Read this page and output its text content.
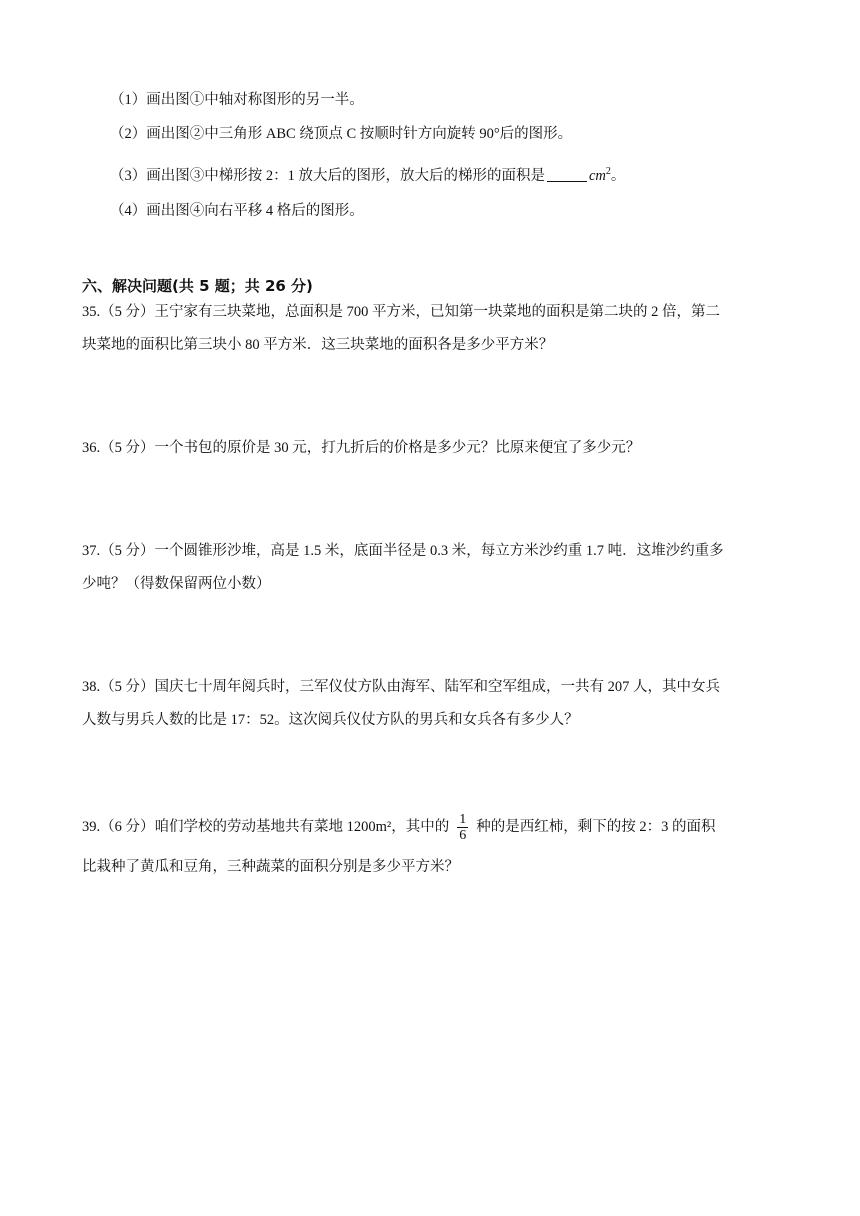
（1）画出图①中轴对称图形的另一半。
（2）画出图②中三角形 ABC 绕顶点 C 按顺时针方向旋转 90°后的图形。
（3）画出图③中梯形按 2：1 放大后的图形，放大后的梯形的面积是	$cm^2$。
（4）画出图④向右平移 4 格后的图形。
六、解决问题(共 5 题；共 26 分)
35.（5 分）王宁家有三块菜地，总面积是 700 平方米，已知第一块菜地的面积是第二块的 2 倍，第二
块菜地的面积比第三块小 80 平方米．这三块菜地的面积各是多少平方米？
36.（5 分）一个书包的原价是 30 元，打九折后的价格是多少元？比原来便宜了多少元？
37.（5 分）一个圆锥形沙堆，高是 1.5 米，底面半径是 0.3 米，每立方米沙约重 1.7 吨．这堆沙约重多
少吨？（得数保留两位小数）
38.（5 分）国庆七十周年阅兵时，三军仪仗方队由海军、陆军和空军组成，一共有 207 人，其中女兵
人数与男兵人数的比是 17：52。这次阅兵仪仗方队的男兵和女兵各有多少人？
39.（6 分）咱们学校的劳动基地共有菜地 1200m²，其中的 $\frac{1}{6}$ 种的是西红柿，剩下的按 2：3 的面积
比栽种了黄瓜和豆角，三种蔬菜的面积分别是多少平方米？
